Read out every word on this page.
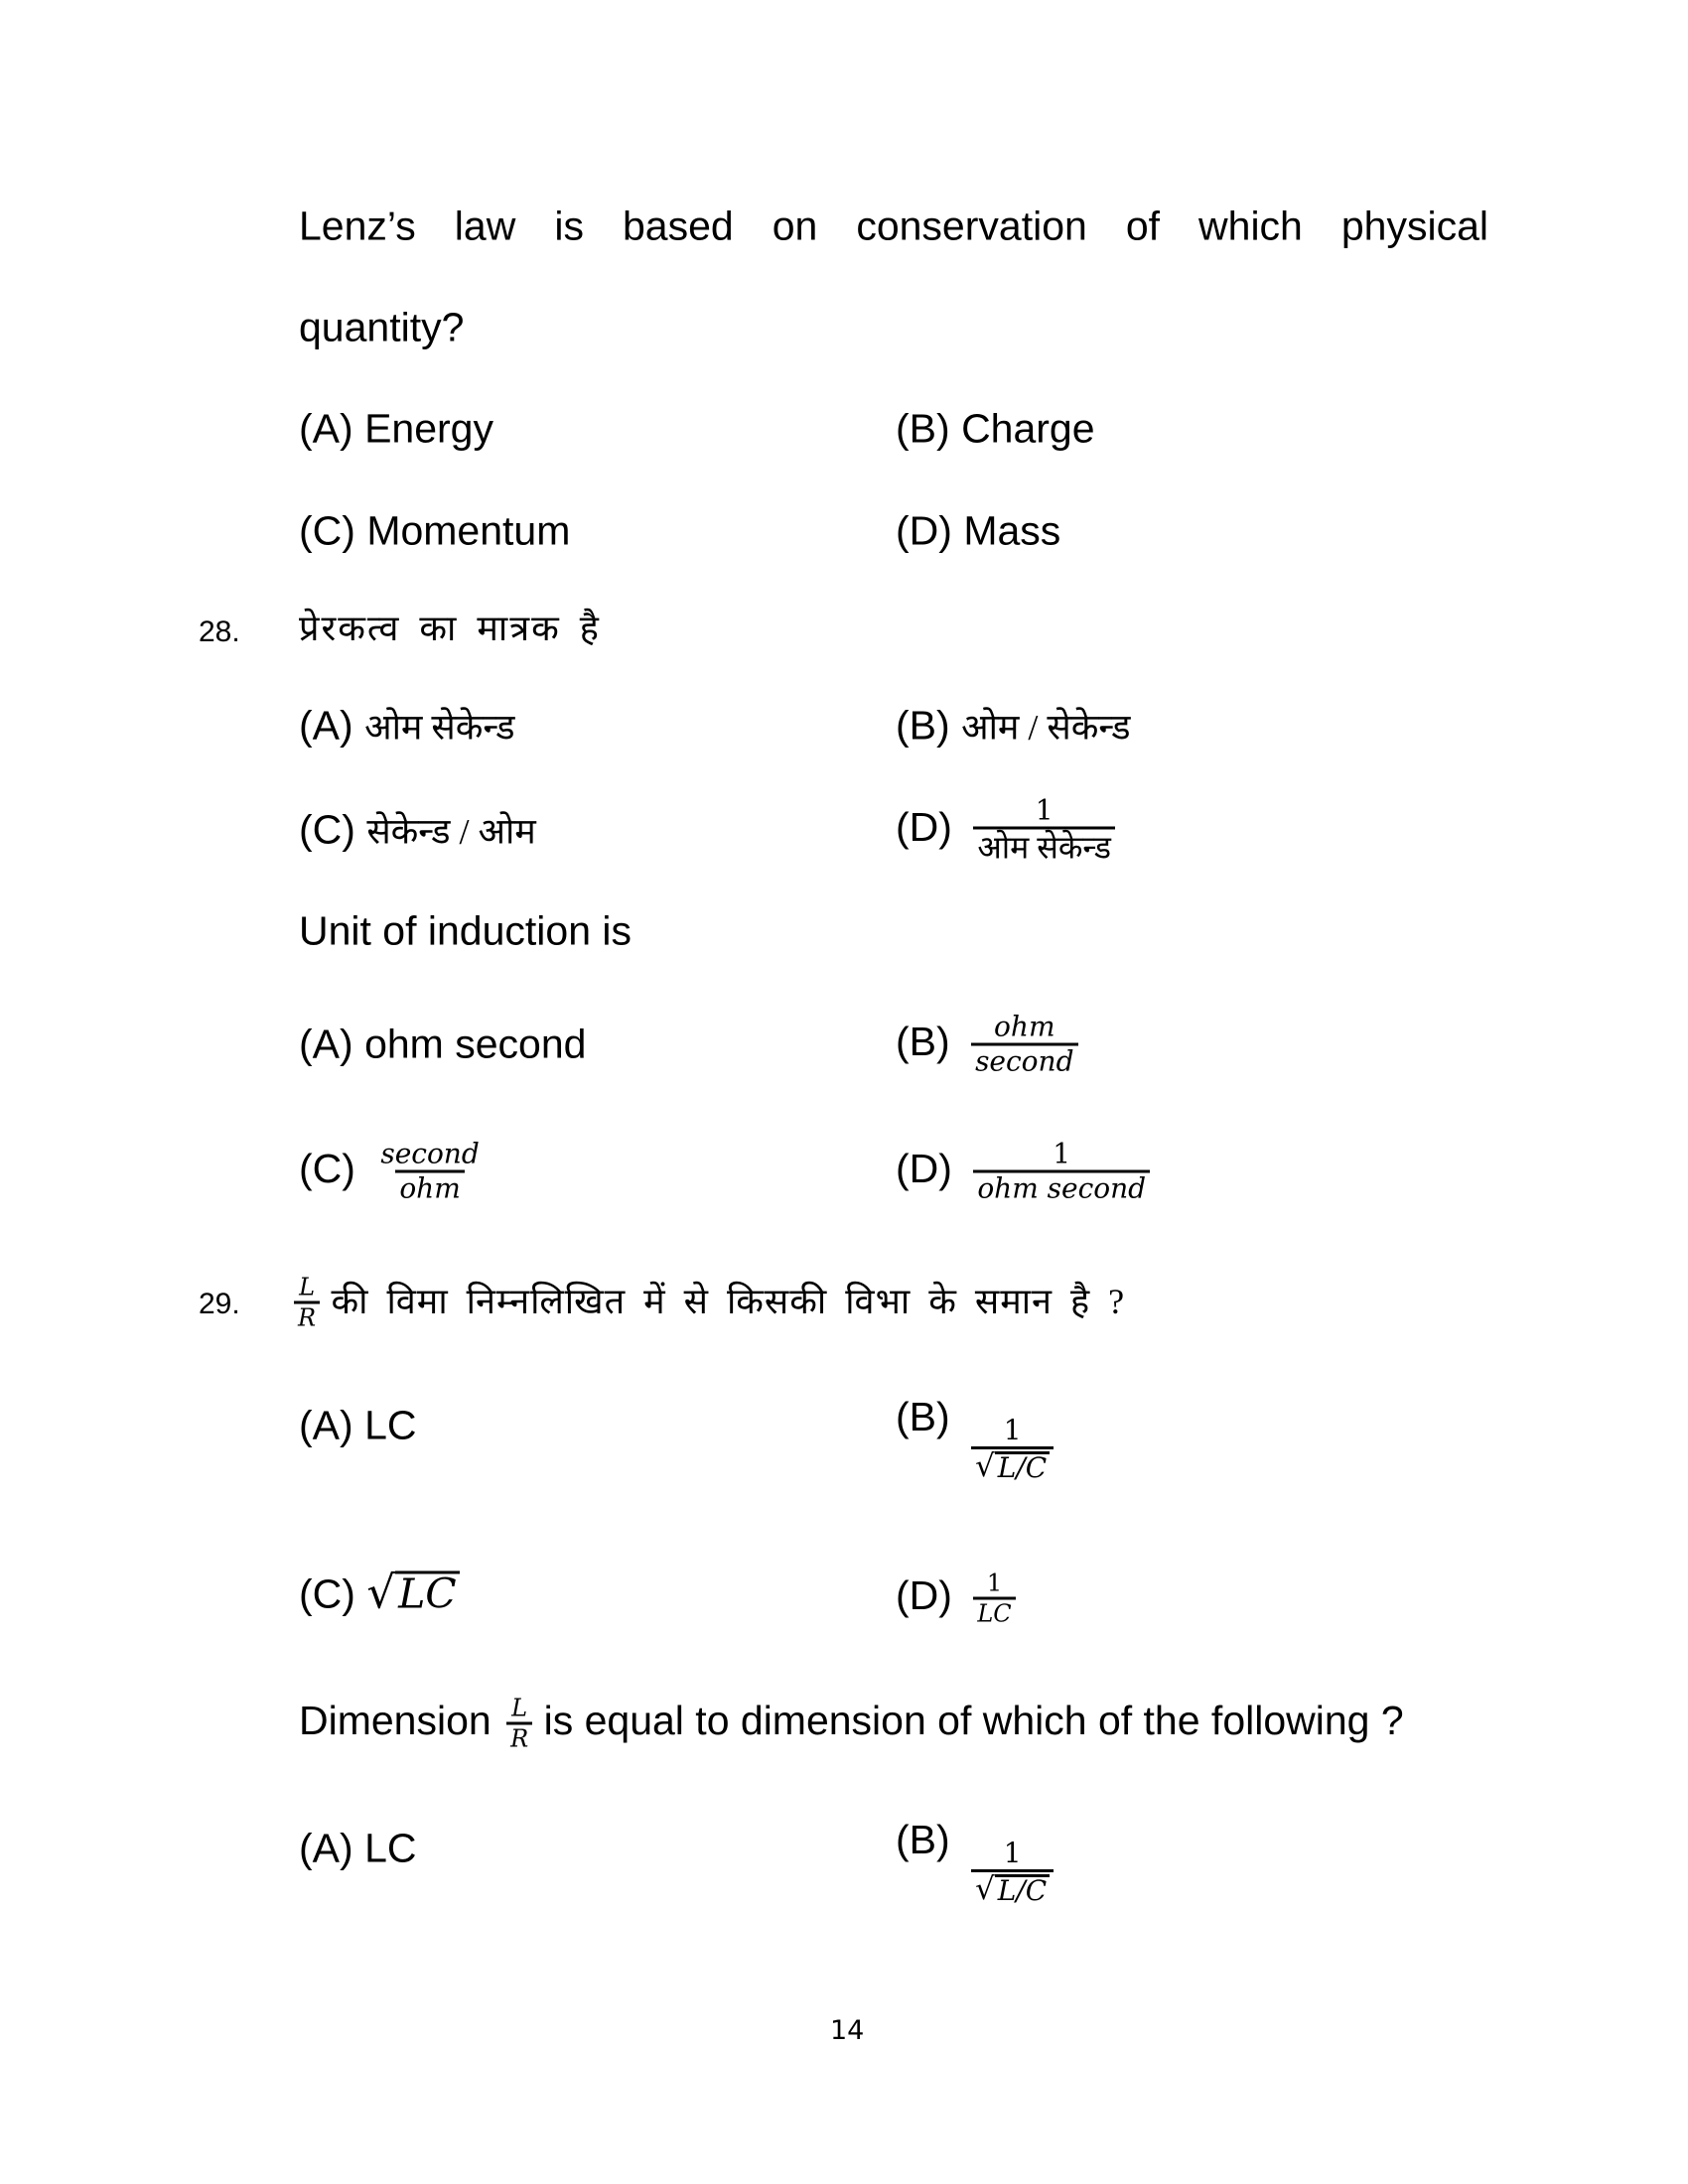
Lenz’s law is based on conservation of which physical
quantity?
(A) Energy	(B) Charge
(C) Momentum	(D) Mass
28. प्रेरकत्व का मात्रक है
(A) ओम सेकेन्ड	(B) ओम / सेकेन्ड
(C) सेकेन्ड / ओम	$(D) \frac{1}{\text{ओम सेकेन्ड}}$
Unit of induction is
(A) ohm second	$(B) \frac{\text{ohm}}{\text{second}}$
$(C) \frac{\text{second}}{\text{ohm}}$	$(D) \frac{1}{\text{ohm second}}$
29. $\frac{L}{R}$ की विमा निम्नलिखित में से किसकी विभा के समान है ?
(A) LC	$(B) \frac{1}{√ L/C}$
(C) √ LC	$(D) \frac{1}{LC}$
Dimension $\frac{L}{R}$ is equal to dimension of which of the following ?
(A) LC	$(B) \frac{1}{√ L/C}$
14
